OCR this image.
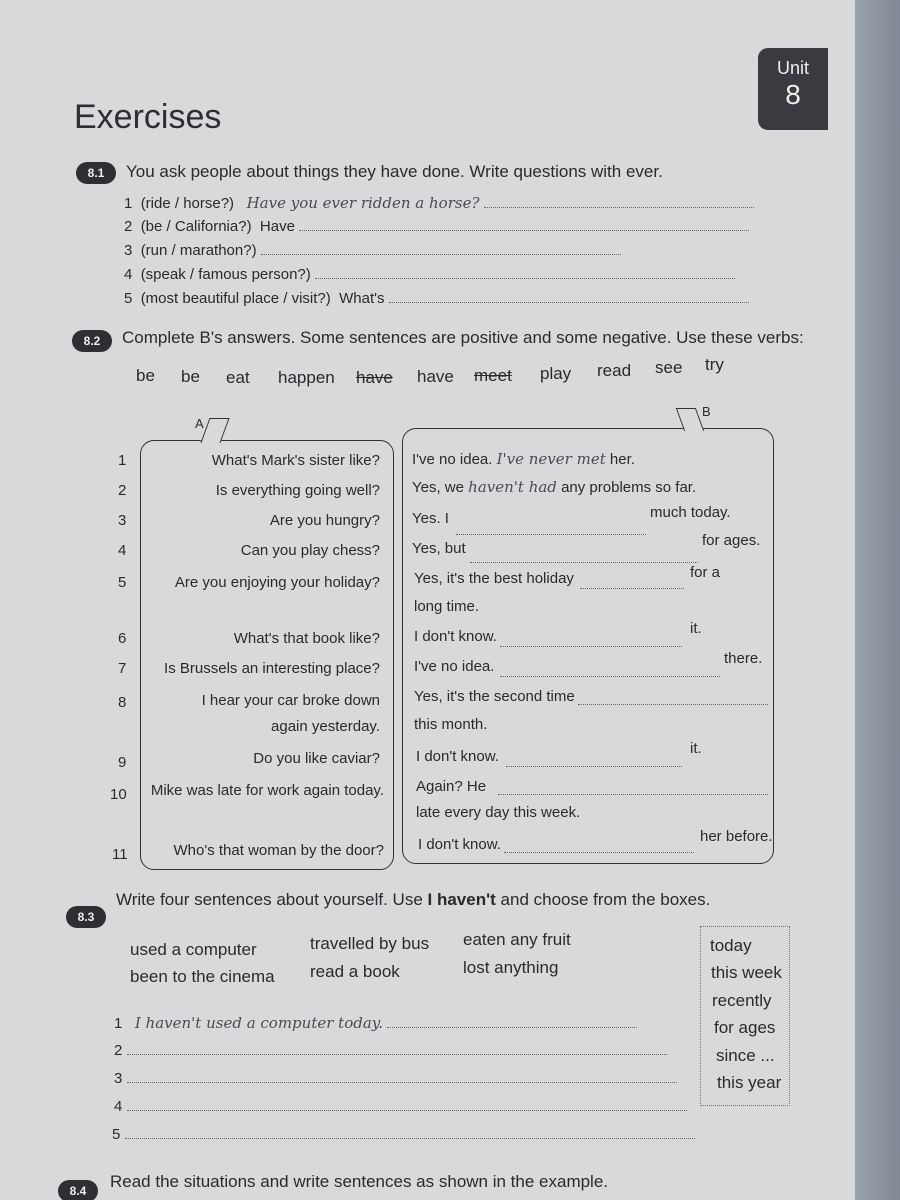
Unit
8
Exercises
8.1	You ask people about things they have done. Write questions with ever.
1 (ride / horse?) Have you ever ridden a horse?
2 (be / California?) Have
3 (run / marathon?)
4 (speak / famous person?)
5 (most beautiful place / visit?) What's
8.2	Complete B's answers. Some sentences are positive and some negative. Use these verbs:
be be eat happen have have meet play read see try
A
B
1	What's Mark's sister like? I've no idea. I've never met her.
2	Is everything going well? Yes, we haven't had any problems so far.
3	Are you hungry? Yes. I	much today.
4	Can you play chess? Yes, but	for ages.
5	Are you enjoying your holiday? Yes, it's the best holiday	for a
long time.
6	What's that book like? I don't know.	it.
7	Is Brussels an interesting place? I've no idea.	there.
8	I hear your car broke down
again yesterday.
Yes, it's the second time
this month.
9	Do you like caviar? I don't know.	it.
10	Mike was late for work again today. Again? He
late every day this week.
11	Who's that woman by the door? I don't know.	her before.
8.3
Write four sentences about yourself. Use I haven't and choose from the boxes.
used a computer
been to the cinema
travelled by bus
read a book
eaten any fruit
lost anything
today
this week
recently
for ages
since ...
this year
1 I haven't used a computer today.
2
3
4
5
8.4	Read the situations and write sentences as shown in the example.
